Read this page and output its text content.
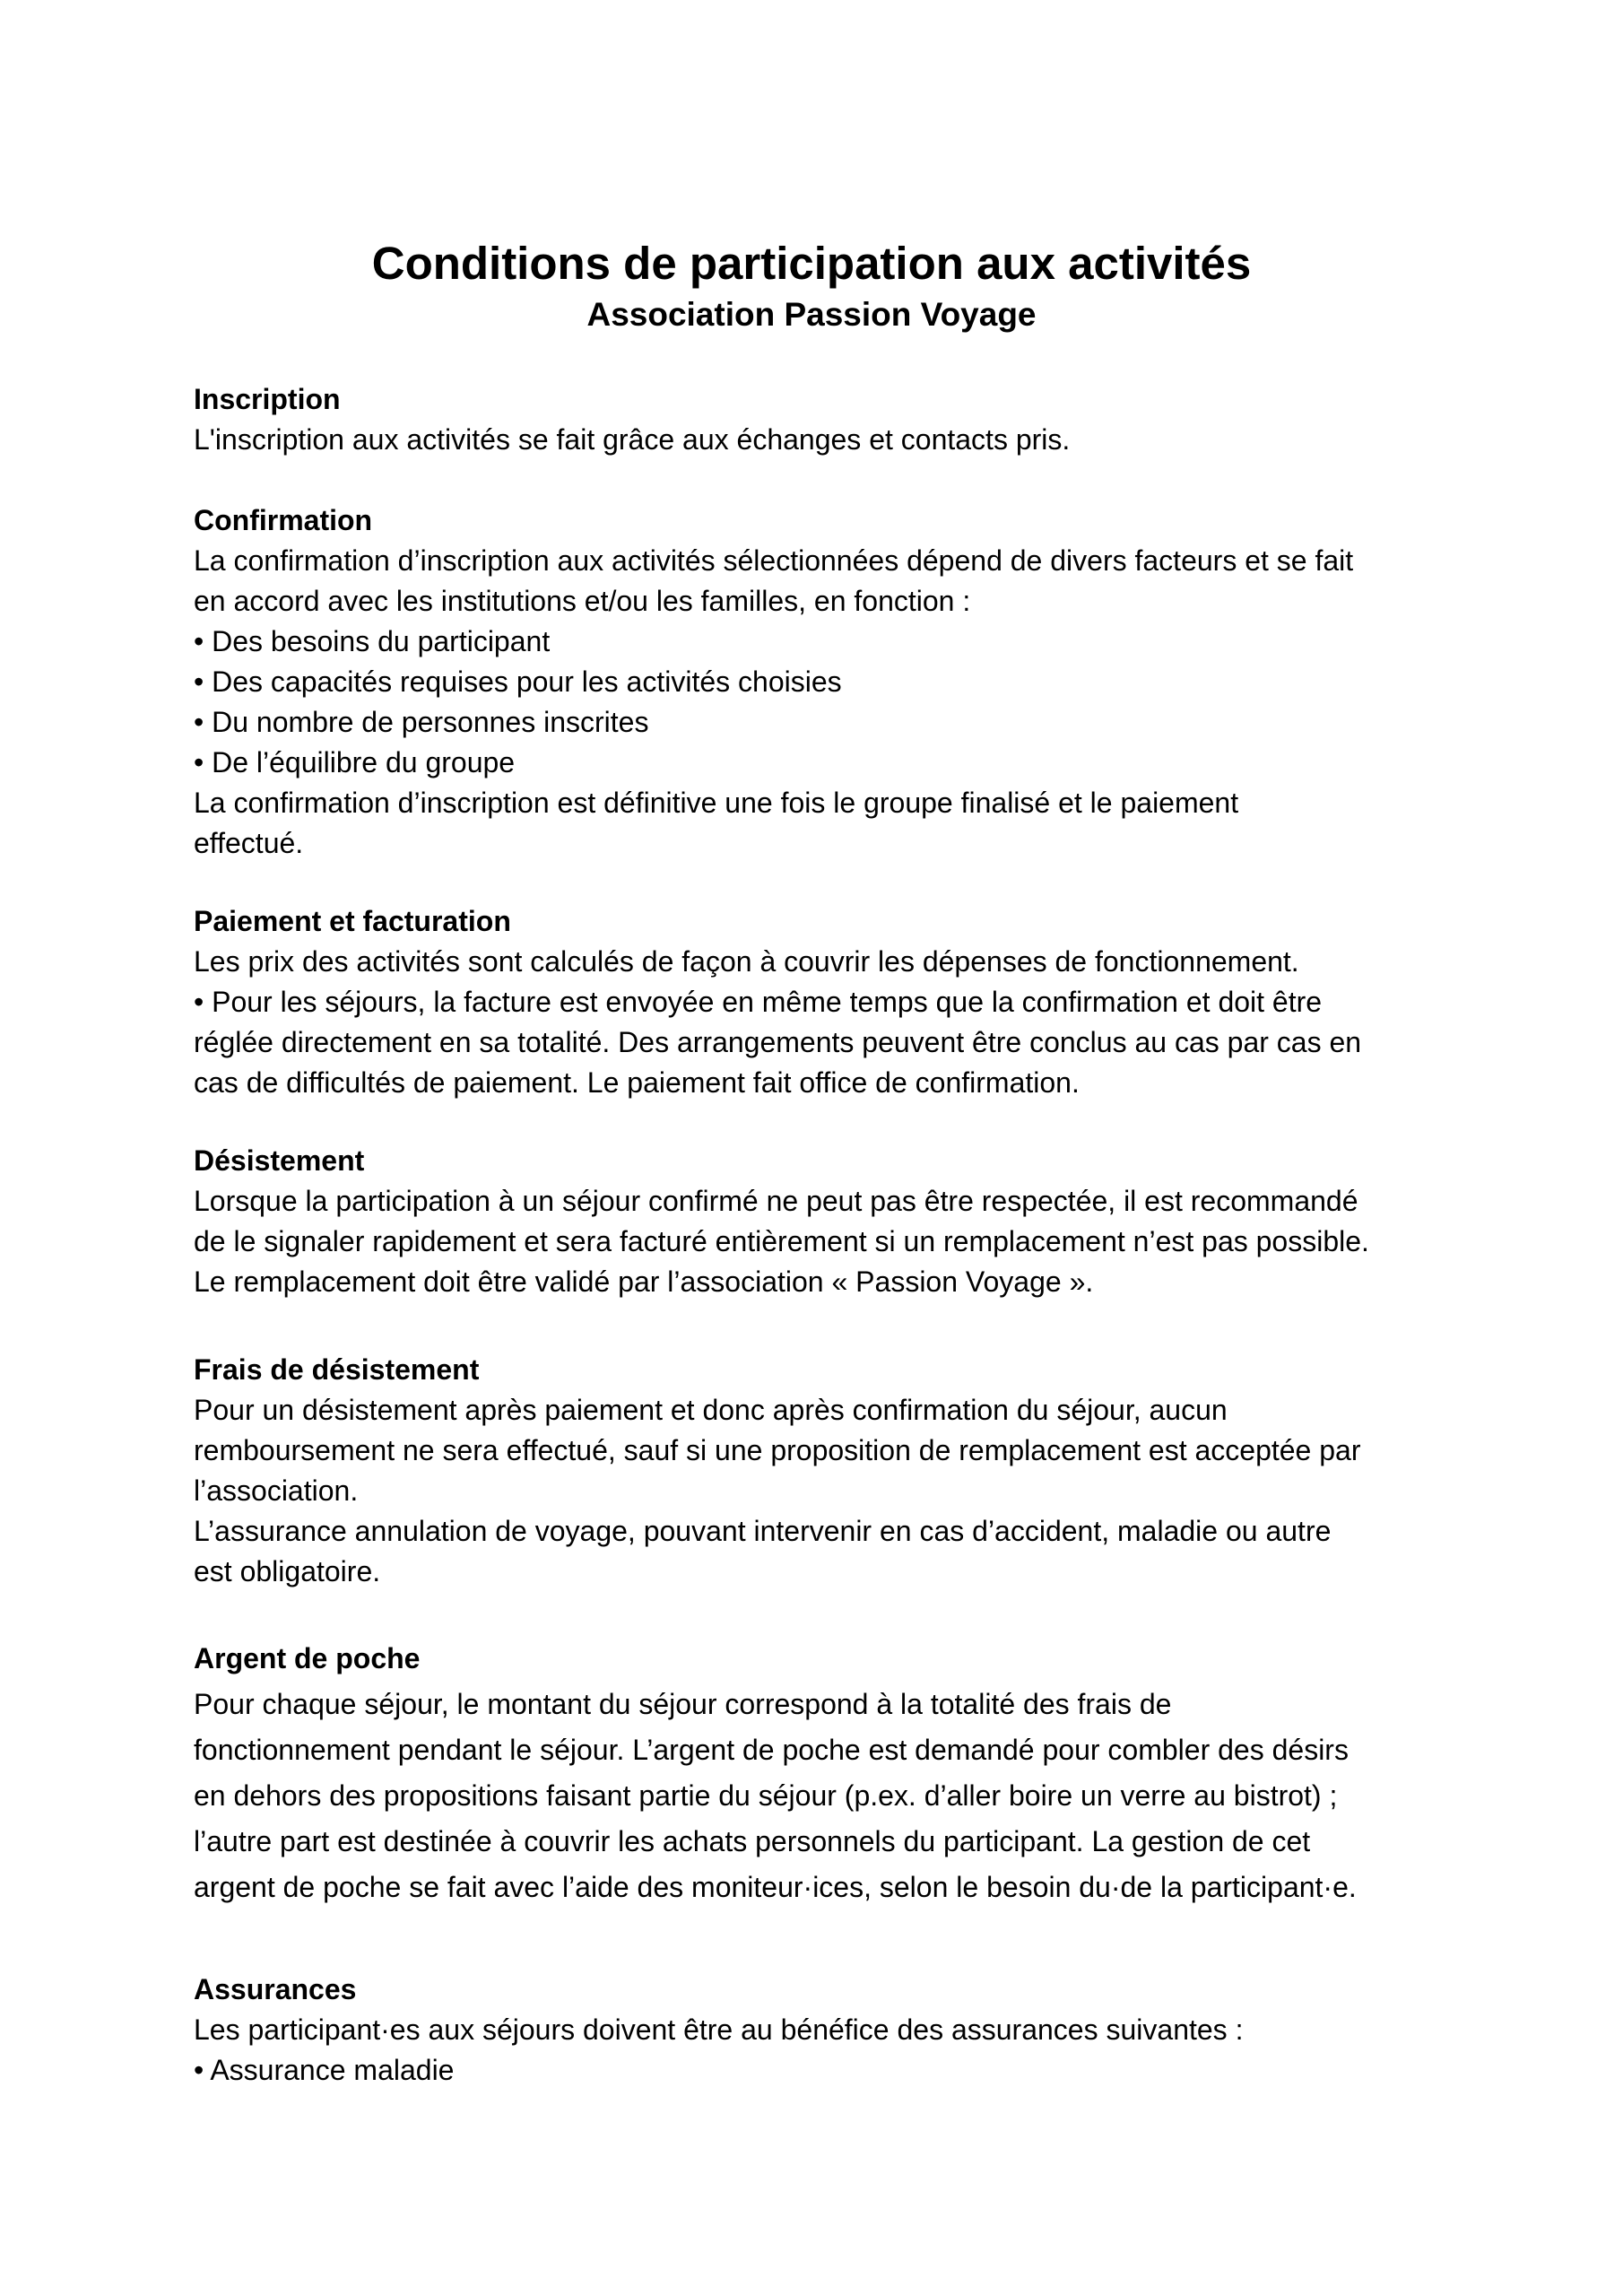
Conditions de participation aux activités
Association Passion Voyage
Inscription
L'inscription aux activités se fait grâce aux échanges et contacts pris.
Confirmation
La confirmation d’inscription aux activités sélectionnées dépend de divers facteurs et se fait
en accord avec les institutions et/ou les familles, en fonction :
• Des besoins du participant
• Des capacités requises pour les activités choisies
• Du nombre de personnes inscrites
• De l’équilibre du groupe
La confirmation d’inscription est définitive une fois le groupe finalisé et le paiement
effectué.
Paiement et facturation
Les prix des activités sont calculés de façon à couvrir les dépenses de fonctionnement.
• Pour les séjours, la facture est envoyée en même temps que la confirmation et doit être
réglée directement en sa totalité. Des arrangements peuvent être conclus au cas par cas en
cas de difficultés de paiement. Le paiement fait office de confirmation.
Désistement
Lorsque la participation à un séjour confirmé ne peut pas être respectée, il est recommandé
de le signaler rapidement et sera facturé entièrement si un remplacement n’est pas possible.
Le remplacement doit être validé par l’association « Passion Voyage ».
Frais de désistement
Pour un désistement après paiement et donc après confirmation du séjour, aucun
remboursement ne sera effectué, sauf si une proposition de remplacement est acceptée par
l’association.
L’assurance annulation de voyage, pouvant intervenir en cas d’accident, maladie ou autre
est obligatoire.
Argent de poche
Pour chaque séjour, le montant du séjour correspond à la totalité des frais de
fonctionnement pendant le séjour. L’argent de poche est demandé pour combler des désirs
en dehors des propositions faisant partie du séjour (p.ex. d’aller boire un verre au bistrot) ;
l’autre part est destinée à couvrir les achats personnels du participant. La gestion de cet
argent de poche se fait avec l’aide des moniteur·ices, selon le besoin du·de la participant·e.
Assurances
Les participant·es aux séjours doivent être au bénéfice des assurances suivantes :
• Assurance maladie
